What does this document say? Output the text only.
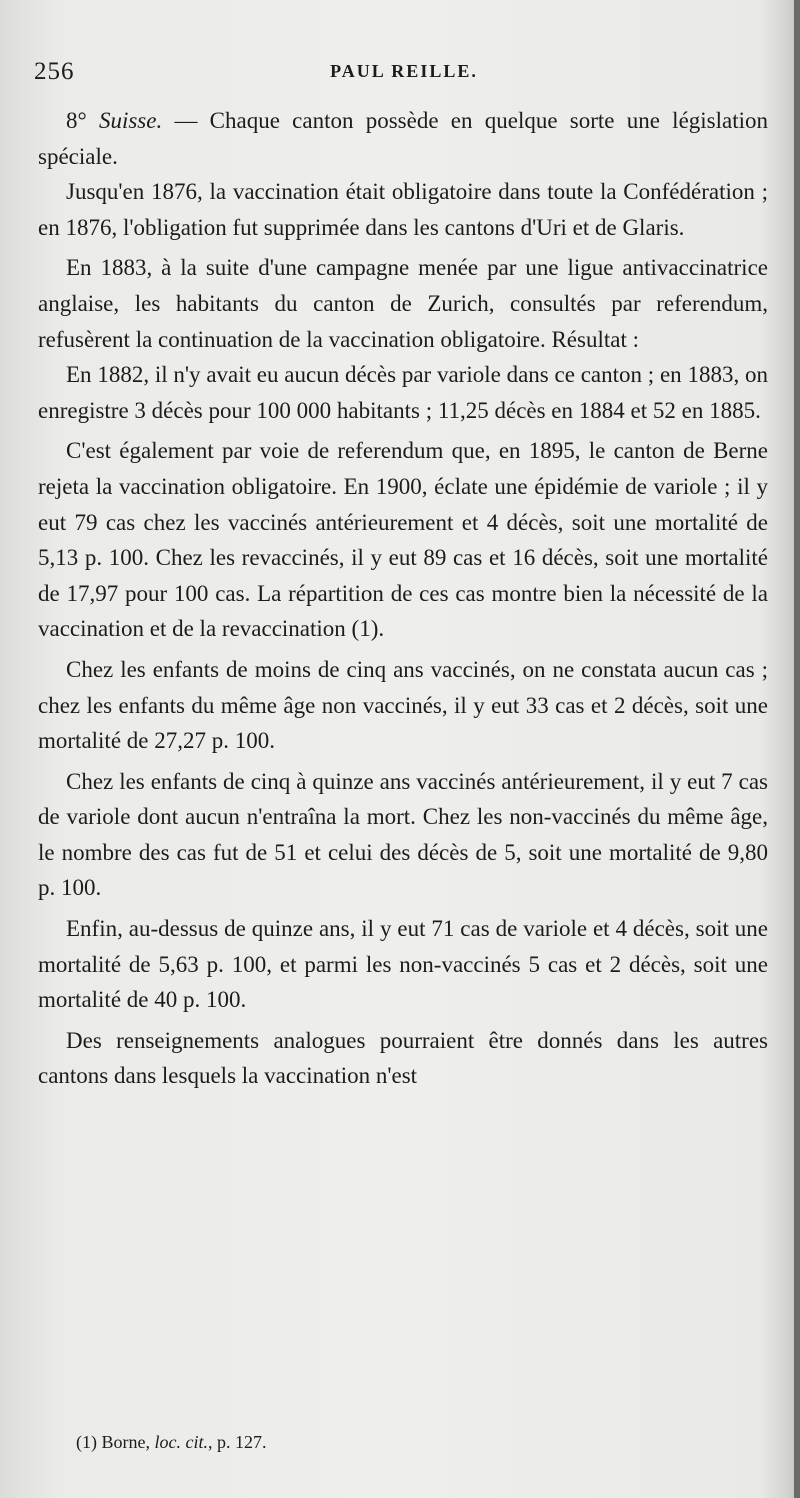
256	PAUL REILLE.

8° Suisse. — Chaque canton possède en quelque sorte une législation spéciale.

Jusqu'en 1876, la vaccination était obligatoire dans toute la Confédération ; en 1876, l'obligation fut supprimée dans les cantons d'Uri et de Glaris.

En 1883, à la suite d'une campagne menée par une ligue antivaccinatrice anglaise, les habitants du canton de Zurich, consultés par referendum, refusèrent la continuation de la vaccination obligatoire. Résultat :

En 1882, il n'y avait eu aucun décès par variole dans ce canton ; en 1883, on enregistre 3 décès pour 100 000 habitants ; 11,25 décès en 1884 et 52 en 1885.

C'est également par voie de referendum que, en 1895, le canton de Berne rejeta la vaccination obligatoire. En 1900, éclate une épidémie de variole ; il y eut 79 cas chez les vaccinés antérieurement et 4 décès, soit une mortalité de 5,13 p. 100. Chez les revaccinés, il y eut 89 cas et 16 décès, soit une mortalité de 17,97 pour 100 cas. La répartition de ces cas montre bien la nécessité de la vaccination et de la revaccination (1).

Chez les enfants de moins de cinq ans vaccinés, on ne constata aucun cas ; chez les enfants du même âge non vaccinés, il y eut 33 cas et 2 décès, soit une mortalité de 27,27 p. 100.

Chez les enfants de cinq à quinze ans vaccinés antérieurement, il y eut 7 cas de variole dont aucun n'entraîna la mort. Chez les non-vaccinés du même âge, le nombre des cas fut de 51 et celui des décès de 5, soit une mortalité de 9,80 p. 100.

Enfin, au-dessus de quinze ans, il y eut 71 cas de variole et 4 décès, soit une mortalité de 5,63 p. 100, et parmi les non-vaccinés 5 cas et 2 décès, soit une mortalité de 40 p. 100.

Des renseignements analogues pourraient être donnés dans les autres cantons dans lesquels la vaccination n'est

(1) Borne, loc. cit., p. 127.
